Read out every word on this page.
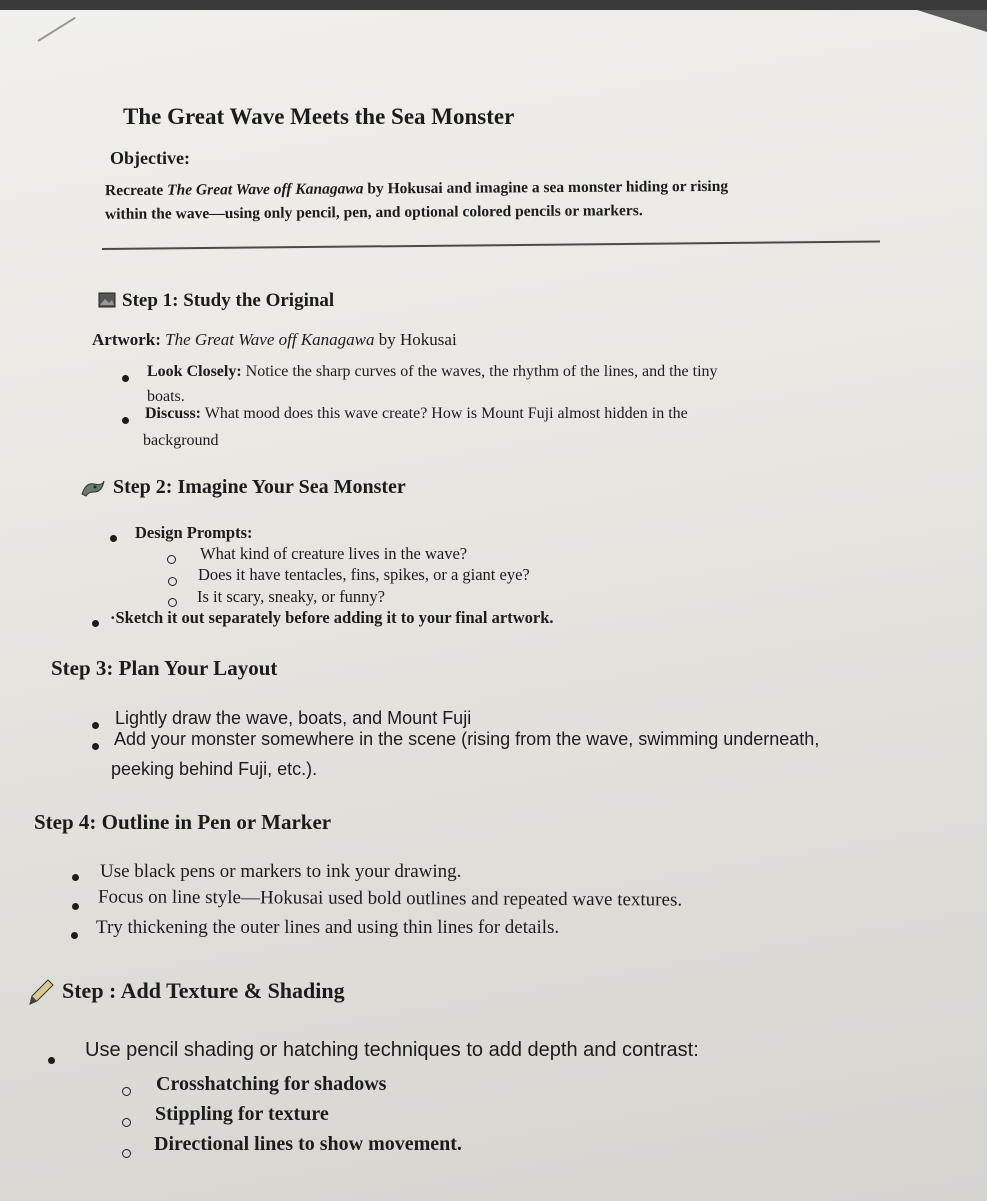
The Great Wave Meets the Sea Monster
Objective:
Recreate The Great Wave off Kanagawa by Hokusai and imagine a sea monster hiding or rising
within the wave—using only pencil, pen, and optional colored pencils or markers.
Step 1: Study the Original
Artwork: The Great Wave off Kanagawa by Hokusai
Look Closely: Notice the sharp curves of the waves, the rhythm of the lines, and the tiny
boats.
Discuss: What mood does this wave create? How is Mount Fuji almost hidden in the
background
Step 2: Imagine Your Sea Monster
Design Prompts:
What kind of creature lives in the wave?
Does it have tentacles, fins, spikes, or a giant eye?
Is it scary, sneaky, or funny?
·Sketch it out separately before adding it to your final artwork.
Step 3: Plan Your Layout
Lightly draw the wave, boats, and Mount Fuji
Add your monster somewhere in the scene (rising from the wave, swimming underneath,
peeking behind Fuji, etc.).
Step 4: Outline in Pen or Marker
Use black pens or markers to ink your drawing.
Focus on line style—Hokusai used bold outlines and repeated wave textures.
Try thickening the outer lines and using thin lines for details.
Step : Add Texture & Shading
Use pencil shading or hatching techniques to add depth and contrast:
Crosshatching for shadows
Stippling for texture
Directional lines to show movement.
